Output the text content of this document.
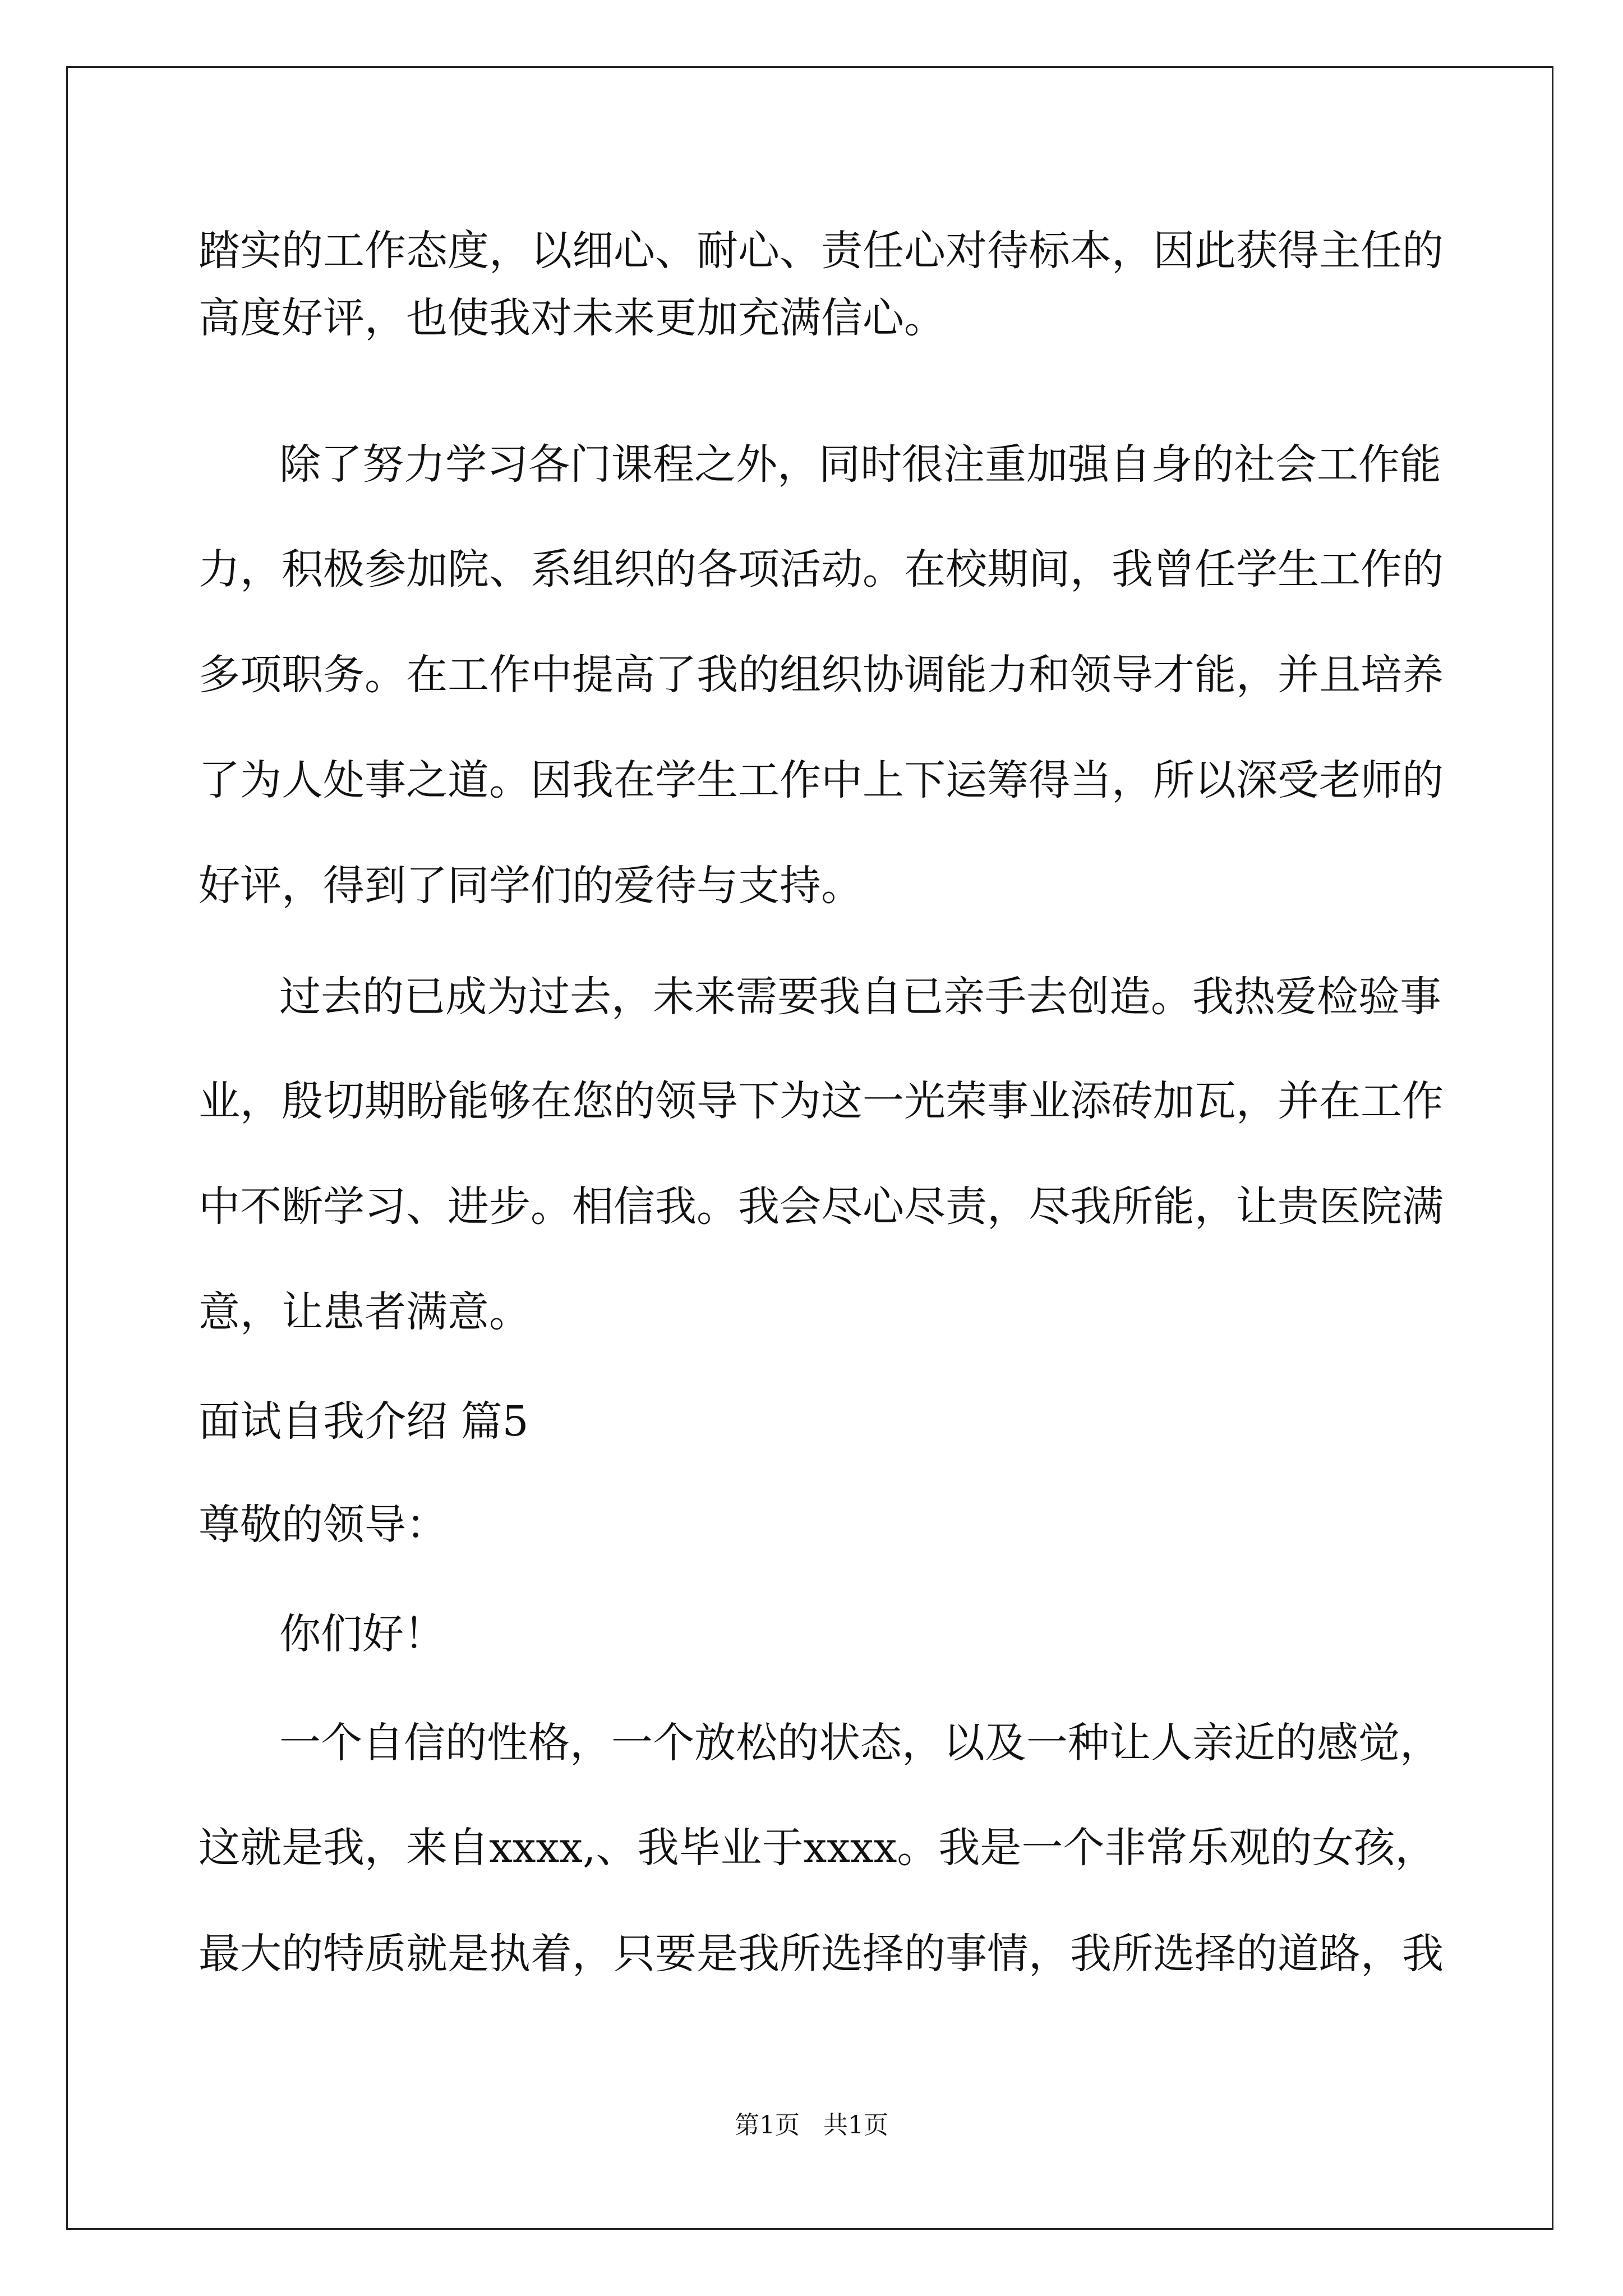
踏实的工作态度，以细心、耐心、责任心对待标本，因此获得主任的
高度好评，也使我对未来更加充满信心。
除了努力学习各门课程之外，同时很注重加强自身的社会工作能
力，积极参加院、系组织的各项活动。在校期间，我曾任学生工作的
多项职务。在工作中提高了我的组织协调能力和领导才能，并且培养
了为人处事之道。因我在学生工作中上下运筹得当，所以深受老师的
好评，得到了同学们的爱待与支持。
过去的已成为过去，未来需要我自已亲手去创造。我热爱检验事
业，殷切期盼能够在您的领导下为这一光荣事业添砖加瓦，并在工作
中不断学习、进步。相信我。我会尽心尽责，尽我所能，让贵医院满
意，让患者满意。
面试自我介绍 篇5
尊敬的领导：
你们好！
一个自信的性格，一个放松的状态，以及一种让人亲近的感觉，
这就是我，来自xxxx,、我毕业于xxxx。我是一个非常乐观的女孩，
最大的特质就是执着，只要是我所选择的事情，我所选择的道路，我
第1页   共1页
